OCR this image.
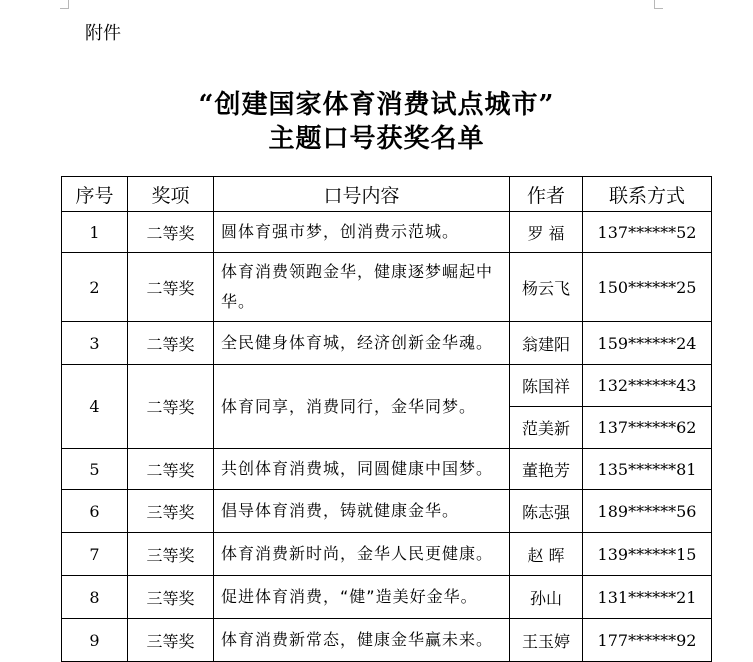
附件
“创建国家体育消费试点城市”
主题口号获奖名单
序号	奖项	口号内容	作者	联系方式
1	二等奖	圆体育强市梦，创消费示范城。	罗 福	137******52
2	二等奖	体育消费领跑金华，健康逐梦崛起中华。	杨云飞	150******25
3	二等奖	全民健身体育城，经济创新金华魂。	翁建阳	159******24
4	二等奖	体育同享，消费同行，金华同梦。	陈国祥	132******43
			范美新	137******62
5	二等奖	共创体育消费城，同圆健康中国梦。	董艳芳	135******81
6	三等奖	倡导体育消费，铸就健康金华。	陈志强	189******56
7	三等奖	体育消费新时尚，金华人民更健康。	赵 晖	139******15
8	三等奖	促进体育消费，“健”造美好金华。	孙山	131******21
9	三等奖	体育消费新常态，健康金华赢未来。	王玉婷	177******92
